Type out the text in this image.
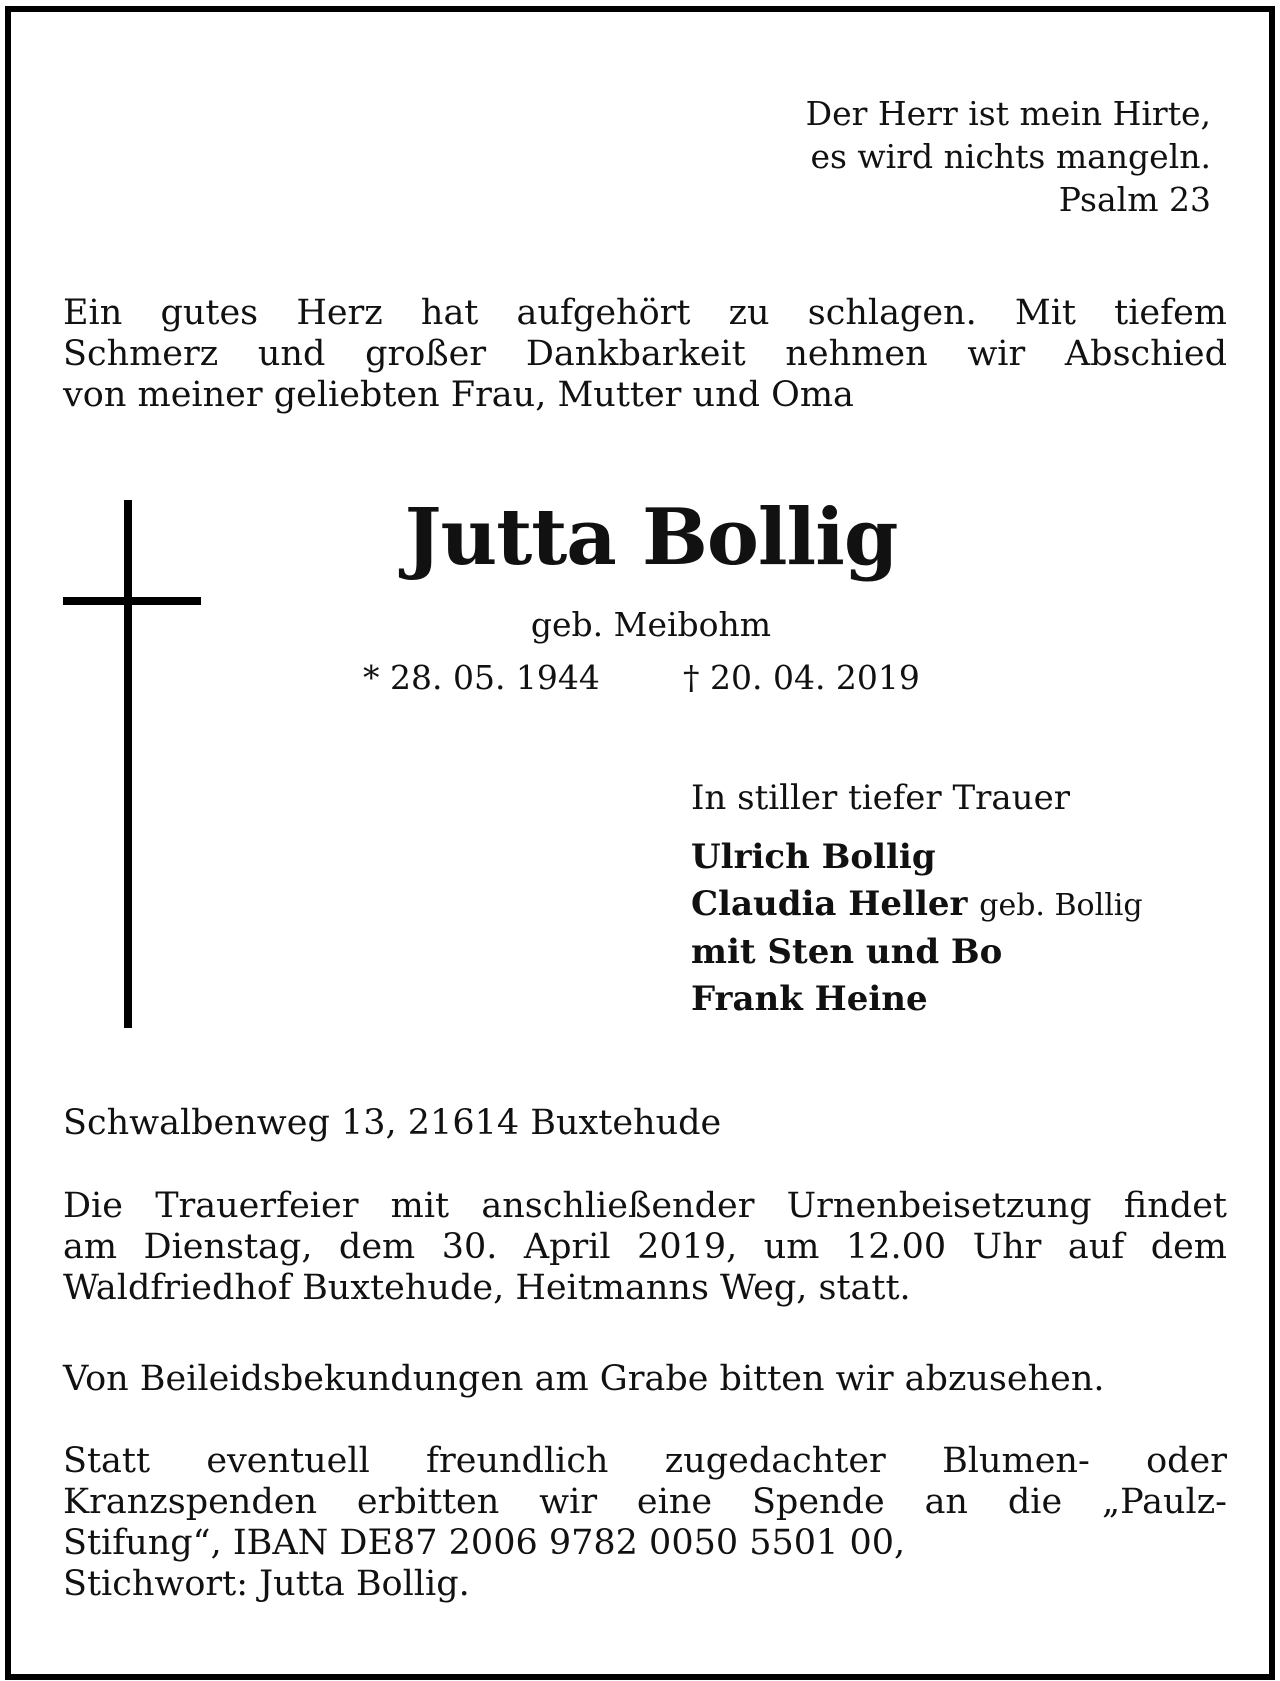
Der Herr ist mein Hirte,
es wird nichts mangeln.
Psalm 23
Ein gutes Herz hat aufgehört zu schlagen. Mit tiefem
Schmerz und großer Dankbarkeit nehmen wir Abschied
von meiner geliebten Frau, Mutter und Oma
Jutta Bollig
geb. Meibohm
* 28. 05. 1944	† 20. 04. 2019
In stiller tiefer Trauer
Ulrich Bollig
Claudia Heller geb. Bollig
mit Sten und Bo
Frank Heine
Schwalbenweg 13, 21614 Buxtehude
Die Trauerfeier mit anschließender Urnenbeisetzung findet
am Dienstag, dem 30. April 2019, um 12.00 Uhr auf dem
Waldfriedhof Buxtehude, Heitmanns Weg, statt.
Von Beileidsbekundungen am Grabe bitten wir abzusehen.
Statt eventuell freundlich zugedachter Blumen- oder
Kranzspenden erbitten wir eine Spende an die „Paulz-
Stifung“, IBAN DE87 2006 9782 0050 5501 00,
Stichwort: Jutta Bollig.
